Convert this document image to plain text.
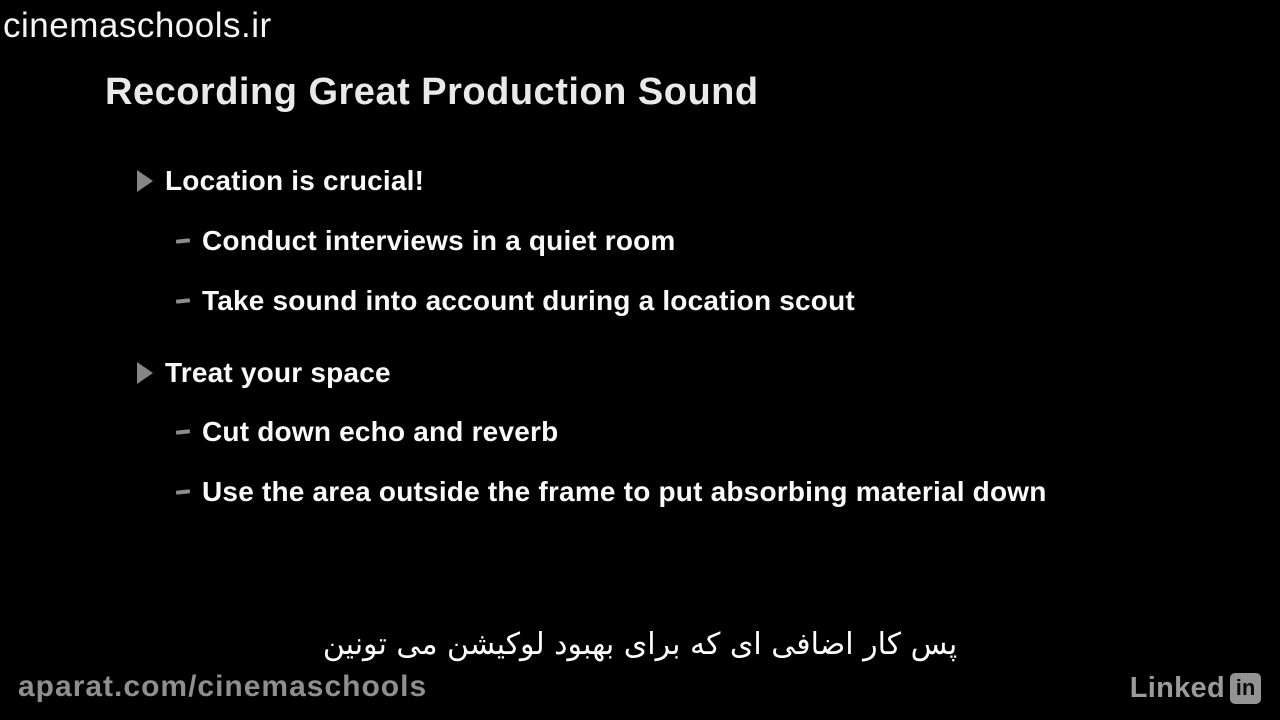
cinemaschools.ir
Recording Great Production Sound
Location is crucial!
Conduct interviews in a quiet room
Take sound into account during a location scout
Treat your space
Cut down echo and reverb
Use the area outside the frame to put absorbing material down
پس کار اضافی ای که برای بهبود لوکیشن می تونین
aparat.com/cinemaschools	Linked in
